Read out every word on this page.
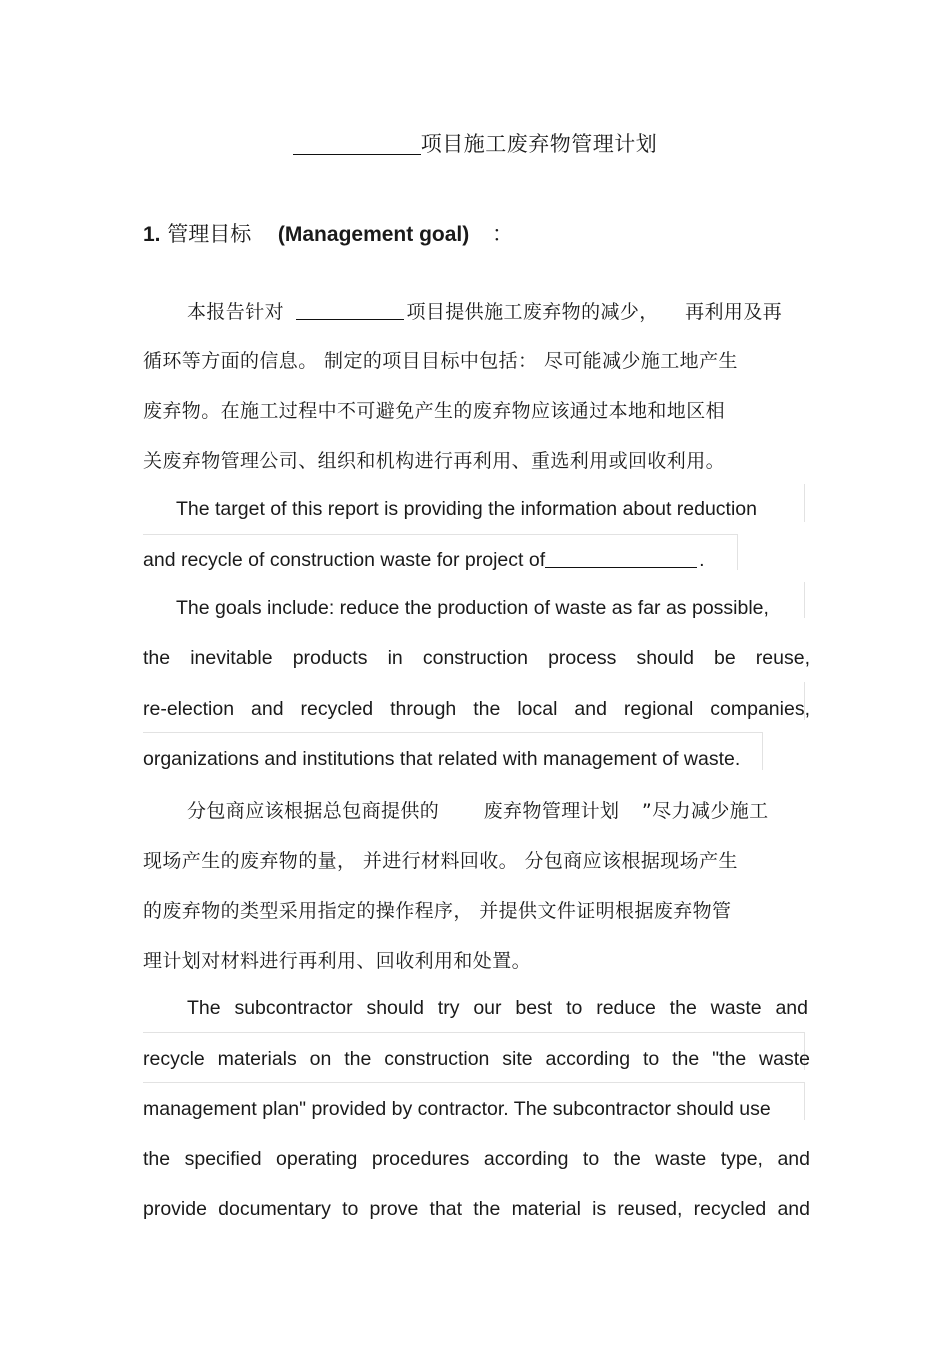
项目施工废弃物管理计划
1. 管理目标 (Management goal) ：
本报告针对	项目提供施工废弃物的减少， 再利用及再
循环等方面的信息。 制定的项目目标中包括： 尽可能减少施工地产生
废弃物。在施工过程中不可避免产生的废弃物应该通过本地和地区相
关废弃物管理公司、组织和机构进行再利用、重选利用或回收利用。
The target of this report is providing the information about reduction
and recycle of construction waste for project of	.
The goals include: reduce the production of waste as far as possible,
the inevitable products in construction process should be reuse,
re-election and recycled through the local and regional companies,
organizations and institutions that related with management of waste.
分包商应该根据总包商提供的 废弃物管理计划 ”尽力减少施工
现场产生的废弃物的量， 并进行材料回收。 分包商应该根据现场产生
的废弃物的类型采用指定的操作程序， 并提供文件证明根据废弃物管
理计划对材料进行再利用、回收利用和处置。
The subcontractor should try our best to reduce the waste and
recycle materials on the construction site according to the "the waste
management plan" provided by contractor. The subcontractor should use
the specified operating procedures according to the waste type, and
provide documentary to prove that the material is reused, recycled and
